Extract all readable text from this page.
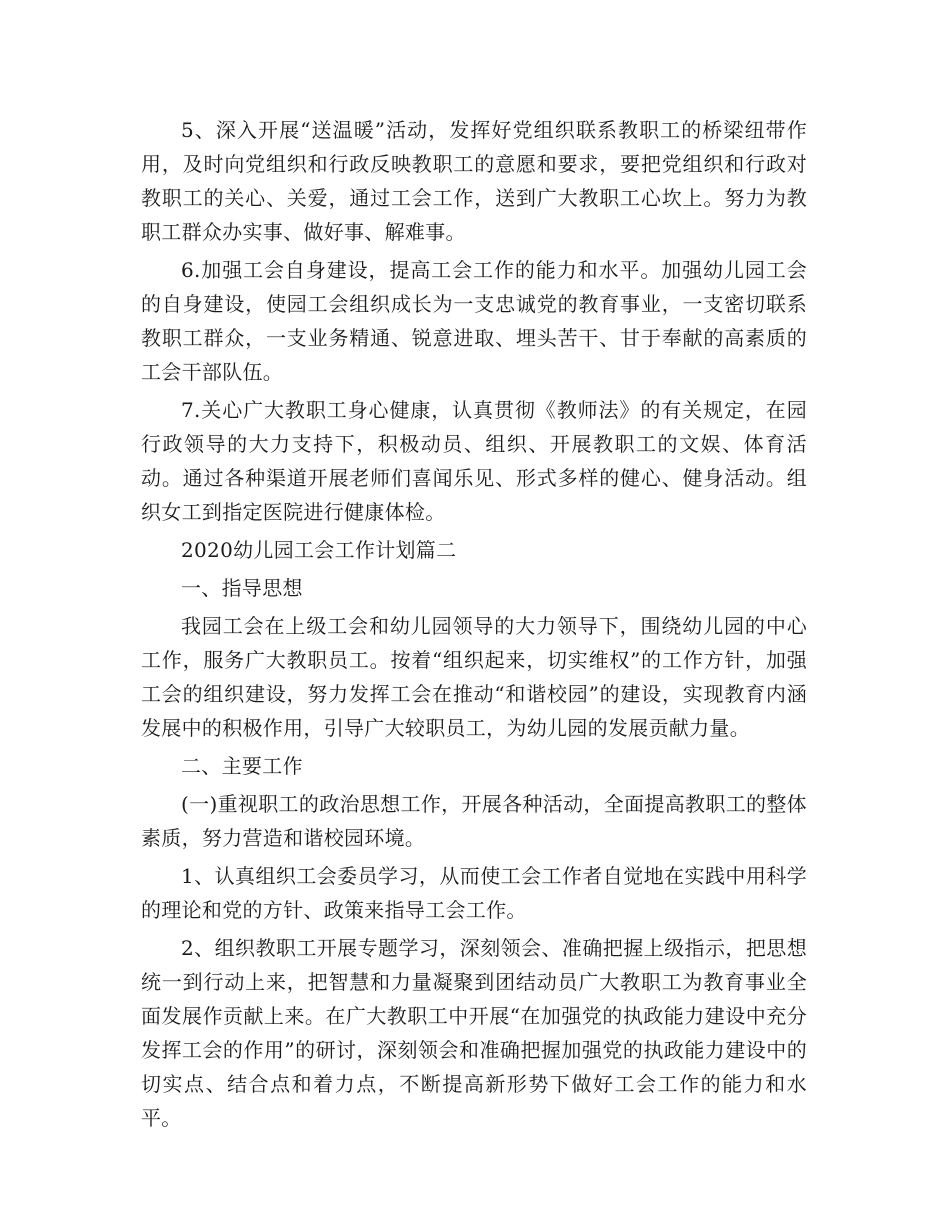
5、深入开展“送温暖”活动，发挥好党组织联系教职工的桥梁纽带作用，及时向党组织和行政反映教职工的意愿和要求，要把党组织和行政对教职工的关心、关爱，通过工会工作，送到广大教职工心坎上。努力为教职工群众办实事、做好事、解难事。

6.加强工会自身建设，提高工会工作的能力和水平。加强幼儿园工会的自身建设，使园工会组织成长为一支忠诚党的教育事业，一支密切联系教职工群众，一支业务精通、锐意进取、埋头苦干、甘于奉献的高素质的工会干部队伍。

7.关心广大教职工身心健康，认真贯彻《教师法》的有关规定，在园行政领导的大力支持下，积极动员、组织、开展教职工的文娱、体育活动。通过各种渠道开展老师们喜闻乐见、形式多样的健心、健身活动。组织女工到指定医院进行健康体检。

2020幼儿园工会工作计划篇二

一、指导思想

我园工会在上级工会和幼儿园领导的大力领导下，围绕幼儿园的中心工作，服务广大教职员工。按着“组织起来，切实维权”的工作方针，加强工会的组织建设，努力发挥工会在推动“和谐校园”的建设，实现教育内涵发展中的积极作用，引导广大较职员工，为幼儿园的发展贡献力量。

二、主要工作

(一)重视职工的政治思想工作，开展各种活动，全面提高教职工的整体素质，努力营造和谐校园环境。

1、认真组织工会委员学习，从而使工会工作者自觉地在实践中用科学的理论和党的方针、政策来指导工会工作。

2、组织教职工开展专题学习，深刻领会、准确把握上级指示，把思想统一到行动上来，把智慧和力量凝聚到团结动员广大教职工为教育事业全面发展作贡献上来。在广大教职工中开展“在加强党的执政能力建设中充分发挥工会的作用”的研讨，深刻领会和准确把握加强党的执政能力建设中的切实点、结合点和着力点，不断提高新形势下做好工会工作的能力和水平。
